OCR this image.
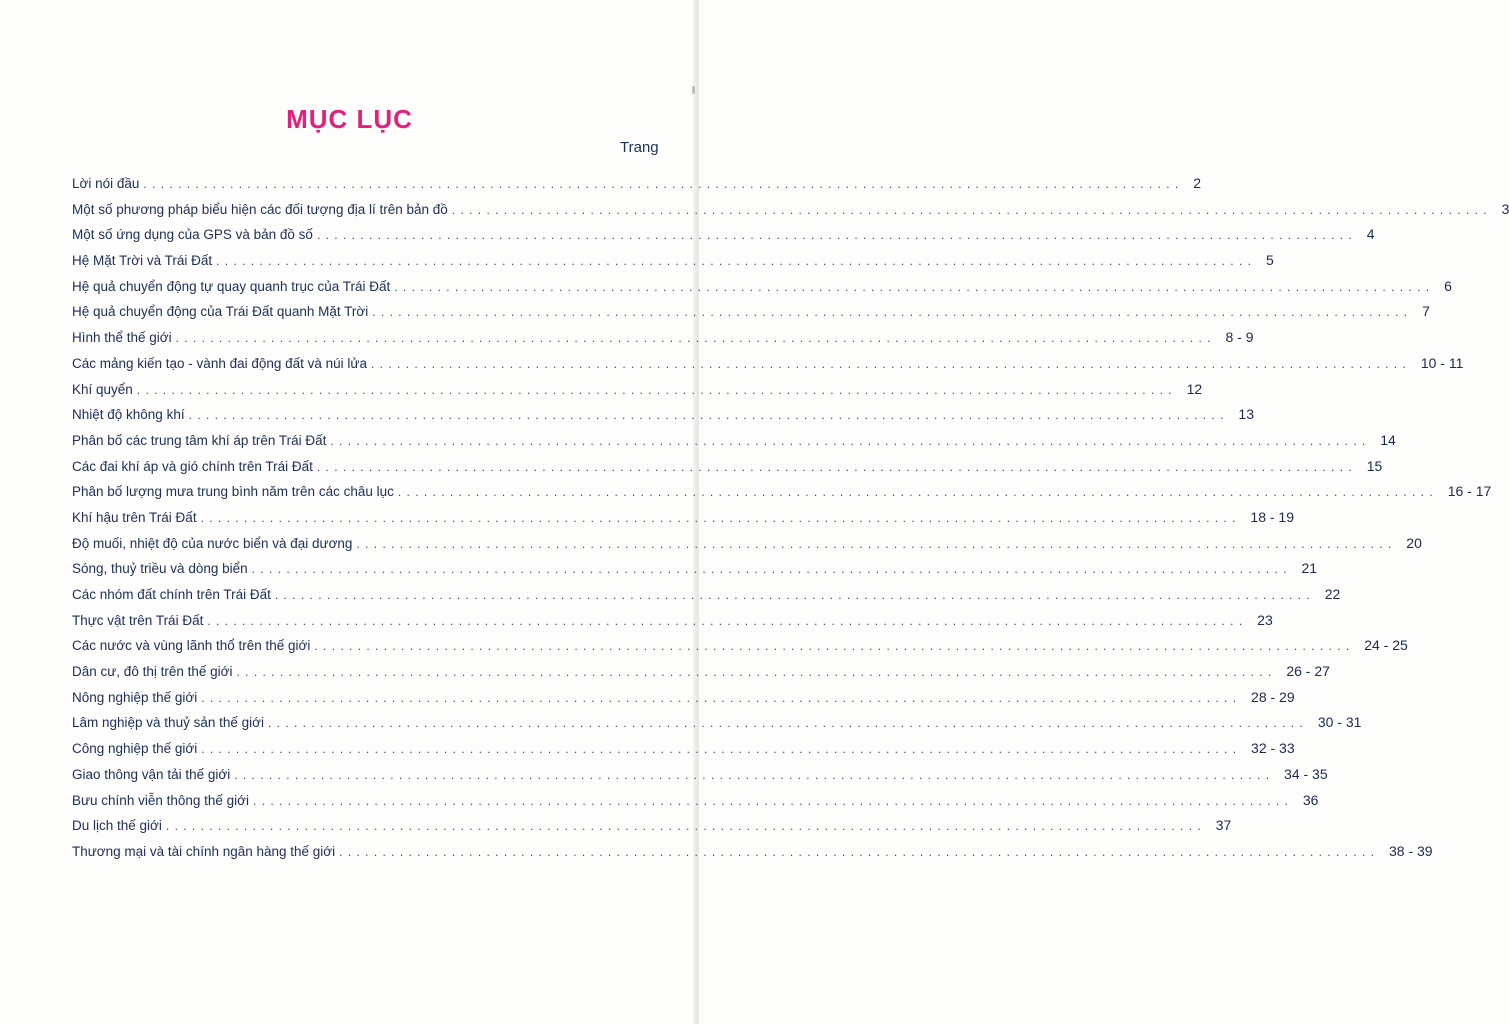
MỤC LỤC
Trang
Lời nói đầu . . . . . . . . . . . . . . . . . . . . . . . . . . . . . . . . . . . . . . . . . . . . . . . . . . . . . . . . . . . . . . . . . . . . . . . . . . . . . . . . . . . . . . . . . . . . . . . . . . . . . . . . . . . . . . . . . . . . . . . .	2
Một số phương pháp biểu hiện các đối tượng địa lí trên bản đồ . . . . . . . . . . . . . . . . . . . . . . . . . . . . . . . . . . . . . . . . . . . . . . . . . . . . . . . . . . . . . . . . . . . . . . . . . . . . . . . . . . . . . . . . . . . . . . . . . . . . . . . . . . . . . . . . . . . . . . . .	3
Một số ứng dụng của GPS và bản đồ số . . . . . . . . . . . . . . . . . . . . . . . . . . . . . . . . . . . . . . . . . . . . . . . . . . . . . . . . . . . . . . . . . . . . . . . . . . . . . . . . . . . . . . . . . . . . . . . . . . . . . . . . . . . . . . . . . . . . . . . .	4
Hệ Mặt Trời và Trái Đất . . . . . . . . . . . . . . . . . . . . . . . . . . . . . . . . . . . . . . . . . . . . . . . . . . . . . . . . . . . . . . . . . . . . . . . . . . . . . . . . . . . . . . . . . . . . . . . . . . . . . . . . . . . . . . . . . . . . . . . .	5
Hệ quả chuyển động tự quay quanh trục của Trái Đất . . . . . . . . . . . . . . . . . . . . . . . . . . . . . . . . . . . . . . . . . . . . . . . . . . . . . . . . . . . . . . . . . . . . . . . . . . . . . . . . . . . . . . . . . . . . . . . . . . . . . . . . . . . . . . . . . . . . . . . .	6
Hệ quả chuyển động của Trái Đất quanh Mặt Trời . . . . . . . . . . . . . . . . . . . . . . . . . . . . . . . . . . . . . . . . . . . . . . . . . . . . . . . . . . . . . . . . . . . . . . . . . . . . . . . . . . . . . . . . . . . . . . . . . . . . . . . . . . . . . . . . . . . . . . . .	7
Hình thể thế giới . . . . . . . . . . . . . . . . . . . . . . . . . . . . . . . . . . . . . . . . . . . . . . . . . . . . . . . . . . . . . . . . . . . . . . . . . . . . . . . . . . . . . . . . . . . . . . . . . . . . . . . . . . . . . . . . . . . . . . . .	8 - 9
Các mảng kiến tạo - vành đai động đất và núi lửa . . . . . . . . . . . . . . . . . . . . . . . . . . . . . . . . . . . . . . . . . . . . . . . . . . . . . . . . . . . . . . . . . . . . . . . . . . . . . . . . . . . . . . . . . . . . . . . . . . . . . . . . . . . . . . . . . . . . . . . .	10 - 11
Khí quyển . . . . . . . . . . . . . . . . . . . . . . . . . . . . . . . . . . . . . . . . . . . . . . . . . . . . . . . . . . . . . . . . . . . . . . . . . . . . . . . . . . . . . . . . . . . . . . . . . . . . . . . . . . . . . . . . . . . . . . . .	12
Nhiệt độ không khí . . . . . . . . . . . . . . . . . . . . . . . . . . . . . . . . . . . . . . . . . . . . . . . . . . . . . . . . . . . . . . . . . . . . . . . . . . . . . . . . . . . . . . . . . . . . . . . . . . . . . . . . . . . . . . . . . . . . . . . .	13
Phân bố các trung tâm khí áp trên Trái Đất . . . . . . . . . . . . . . . . . . . . . . . . . . . . . . . . . . . . . . . . . . . . . . . . . . . . . . . . . . . . . . . . . . . . . . . . . . . . . . . . . . . . . . . . . . . . . . . . . . . . . . . . . . . . . . . . . . . . . . . .	14
Các đai khí áp và gió chính trên Trái Đất . . . . . . . . . . . . . . . . . . . . . . . . . . . . . . . . . . . . . . . . . . . . . . . . . . . . . . . . . . . . . . . . . . . . . . . . . . . . . . . . . . . . . . . . . . . . . . . . . . . . . . . . . . . . . . . . . . . . . . . .	15
Phân bố lượng mưa trung bình năm trên các châu lục . . . . . . . . . . . . . . . . . . . . . . . . . . . . . . . . . . . . . . . . . . . . . . . . . . . . . . . . . . . . . . . . . . . . . . . . . . . . . . . . . . . . . . . . . . . . . . . . . . . . . . . . . . . . . . . . . . . . . . . .	16 - 17
Khí hậu trên Trái Đất . . . . . . . . . . . . . . . . . . . . . . . . . . . . . . . . . . . . . . . . . . . . . . . . . . . . . . . . . . . . . . . . . . . . . . . . . . . . . . . . . . . . . . . . . . . . . . . . . . . . . . . . . . . . . . . . . . . . . . . .	18 - 19
Độ muối, nhiệt độ của nước biển và đại dương . . . . . . . . . . . . . . . . . . . . . . . . . . . . . . . . . . . . . . . . . . . . . . . . . . . . . . . . . . . . . . . . . . . . . . . . . . . . . . . . . . . . . . . . . . . . . . . . . . . . . . . . . . . . . . . . . . . . . . . .	20
Sóng, thuỷ triều và dòng biển . . . . . . . . . . . . . . . . . . . . . . . . . . . . . . . . . . . . . . . . . . . . . . . . . . . . . . . . . . . . . . . . . . . . . . . . . . . . . . . . . . . . . . . . . . . . . . . . . . . . . . . . . . . . . . . . . . . . . . . .	21
Các nhóm đất chính trên Trái Đất . . . . . . . . . . . . . . . . . . . . . . . . . . . . . . . . . . . . . . . . . . . . . . . . . . . . . . . . . . . . . . . . . . . . . . . . . . . . . . . . . . . . . . . . . . . . . . . . . . . . . . . . . . . . . . . . . . . . . . . .	22
Thực vật trên Trái Đất . . . . . . . . . . . . . . . . . . . . . . . . . . . . . . . . . . . . . . . . . . . . . . . . . . . . . . . . . . . . . . . . . . . . . . . . . . . . . . . . . . . . . . . . . . . . . . . . . . . . . . . . . . . . . . . . . . . . . . . .	23
Các nước và vùng lãnh thổ trên thế giới . . . . . . . . . . . . . . . . . . . . . . . . . . . . . . . . . . . . . . . . . . . . . . . . . . . . . . . . . . . . . . . . . . . . . . . . . . . . . . . . . . . . . . . . . . . . . . . . . . . . . . . . . . . . . . . . . . . . . . . .	24 - 25
Dân cư, đô thị trên thế giới . . . . . . . . . . . . . . . . . . . . . . . . . . . . . . . . . . . . . . . . . . . . . . . . . . . . . . . . . . . . . . . . . . . . . . . . . . . . . . . . . . . . . . . . . . . . . . . . . . . . . . . . . . . . . . . . . . . . . . . .	26 - 27
Nông nghiệp thế giới . . . . . . . . . . . . . . . . . . . . . . . . . . . . . . . . . . . . . . . . . . . . . . . . . . . . . . . . . . . . . . . . . . . . . . . . . . . . . . . . . . . . . . . . . . . . . . . . . . . . . . . . . . . . . . . . . . . . . . . .	28 - 29
Lâm nghiệp và thuỷ sản thế giới . . . . . . . . . . . . . . . . . . . . . . . . . . . . . . . . . . . . . . . . . . . . . . . . . . . . . . . . . . . . . . . . . . . . . . . . . . . . . . . . . . . . . . . . . . . . . . . . . . . . . . . . . . . . . . . . . . . . . . . .	30 - 31
Công nghiệp thế giới . . . . . . . . . . . . . . . . . . . . . . . . . . . . . . . . . . . . . . . . . . . . . . . . . . . . . . . . . . . . . . . . . . . . . . . . . . . . . . . . . . . . . . . . . . . . . . . . . . . . . . . . . . . . . . . . . . . . . . . .	32 - 33
Giao thông vận tải thế giới . . . . . . . . . . . . . . . . . . . . . . . . . . . . . . . . . . . . . . . . . . . . . . . . . . . . . . . . . . . . . . . . . . . . . . . . . . . . . . . . . . . . . . . . . . . . . . . . . . . . . . . . . . . . . . . . . . . . . . . .	34 - 35
Bưu chính viễn thông thế giới . . . . . . . . . . . . . . . . . . . . . . . . . . . . . . . . . . . . . . . . . . . . . . . . . . . . . . . . . . . . . . . . . . . . . . . . . . . . . . . . . . . . . . . . . . . . . . . . . . . . . . . . . . . . . . . . . . . . . . . .	36
Du lịch thế giới . . . . . . . . . . . . . . . . . . . . . . . . . . . . . . . . . . . . . . . . . . . . . . . . . . . . . . . . . . . . . . . . . . . . . . . . . . . . . . . . . . . . . . . . . . . . . . . . . . . . . . . . . . . . . . . . . . . . . . . .	37
Thương mại và tài chính ngân hàng thế giới . . . . . . . . . . . . . . . . . . . . . . . . . . . . . . . . . . . . . . . . . . . . . . . . . . . . . . . . . . . . . . . . . . . . . . . . . . . . . . . . . . . . . . . . . . . . . . . . . . . . . . . . . . . . . . . . . . . . . . . .	38 - 39
